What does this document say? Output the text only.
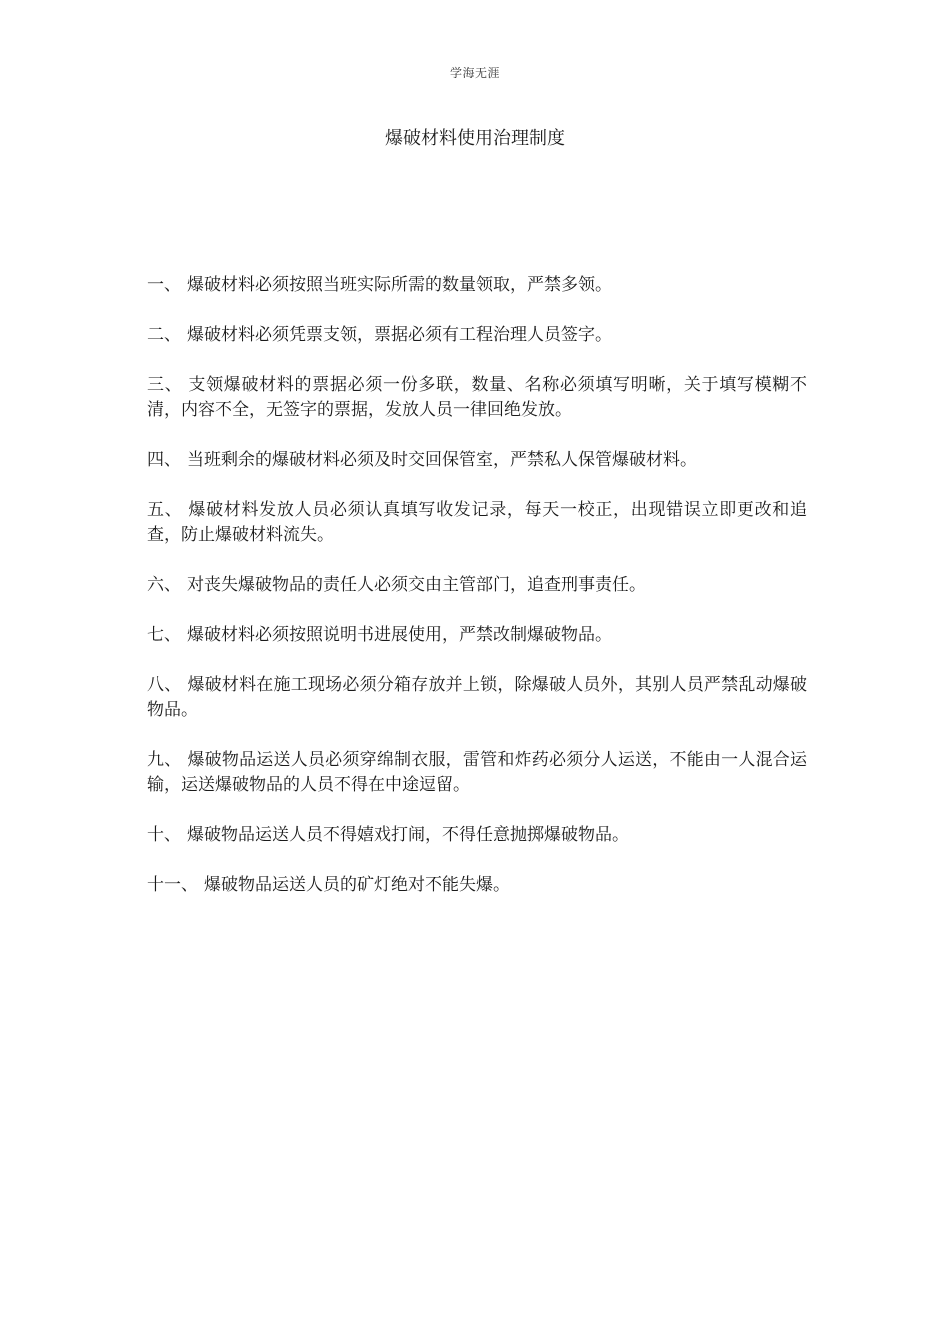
学海无涯
爆破材料使用治理制度
一、 爆破材料必须按照当班实际所需的数量领取，严禁多领。
二、 爆破材料必须凭票支领，票据必须有工程治理人员签字。
三、 支领爆破材料的票据必须一份多联，数量、名称必须填写明晰，关于填写模糊不清，内容不全，无签字的票据，发放人员一律回绝发放。
四、 当班剩余的爆破材料必须及时交回保管室，严禁私人保管爆破材料。
五、 爆破材料发放人员必须认真填写收发记录，每天一校正，出现错误立即更改和追查，防止爆破材料流失。
六、 对丧失爆破物品的责任人必须交由主管部门，追查刑事责任。
七、 爆破材料必须按照说明书进展使用，严禁改制爆破物品。
八、 爆破材料在施工现场必须分箱存放并上锁，除爆破人员外，其别人员严禁乱动爆破物品。
九、 爆破物品运送人员必须穿绵制衣服，雷管和炸药必须分人运送，不能由一人混合运输，运送爆破物品的人员不得在中途逗留。
十、 爆破物品运送人员不得嬉戏打闹，不得任意抛掷爆破物品。
十一、 爆破物品运送人员的矿灯绝对不能失爆。
